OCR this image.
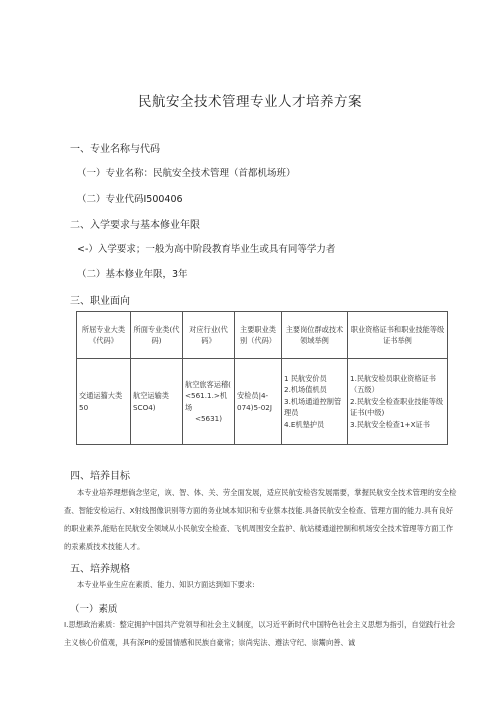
民航安全技术管理专业人才培养方案
一、专业名称与代码
（一）专业名称：民航安全技术管理（首都机场班）
（二）专业代码I500406
二、入学要求与基本修业年限
<-）入学要求；一般为高中阶段教育毕业生或具有同等学力者
（二）基本修业年限，3年
三、职业面向
所屈专业大类《代码》	所面专业类(代码)	对应行业(代码》	主要职业类别（代码）	主要岗位群或技术领域举例	职业资格证书和职业技能等级证书举例
交通运籀大类50	航空运输类SCO4)	航空旅客运稽(
<561.1.>机场
<5631)	安检员|4-074)5-02J	1 民航安价员
2.机场值机员
3.机场通道控制管理员
4.E机墊护员	1.民航安检员职业资格证书（五级）
2.民航安全检查职业技能等级证书(中级)
3.民航安全检查1+X证书
四、培养目标
本专业培养理想倘念坚定，诙、智、体、关、劳全面发展，适应民航安检咨发展需要，掌握民航安全技术管理的安全检查、智能安检运行、X射线图像识别等方面的务业域本知识和专业蔡本技能.具备民航安全检查、管理方面的能力.具有良好的职业素养,能贴在民航安全领域从小民航安全检查、飞机周围安全监护、航站楼通道控制和机场安全技术管理等方面工作的汞素质技术技能人才。
五、培养规格
本专业毕业生应在素质、能力、知识方面达到如下要求:
（一）素质
I.思想政治素质：整定拥护中国共产党领导和社会主义制度，以习近平新时代中国特色社会主义思想为指引，自觉践行社会主义核心价值观，具有深PI的爱国情感和民族自豪常；崇尚宪法、遵法守纪、崇鬻向善、诚
